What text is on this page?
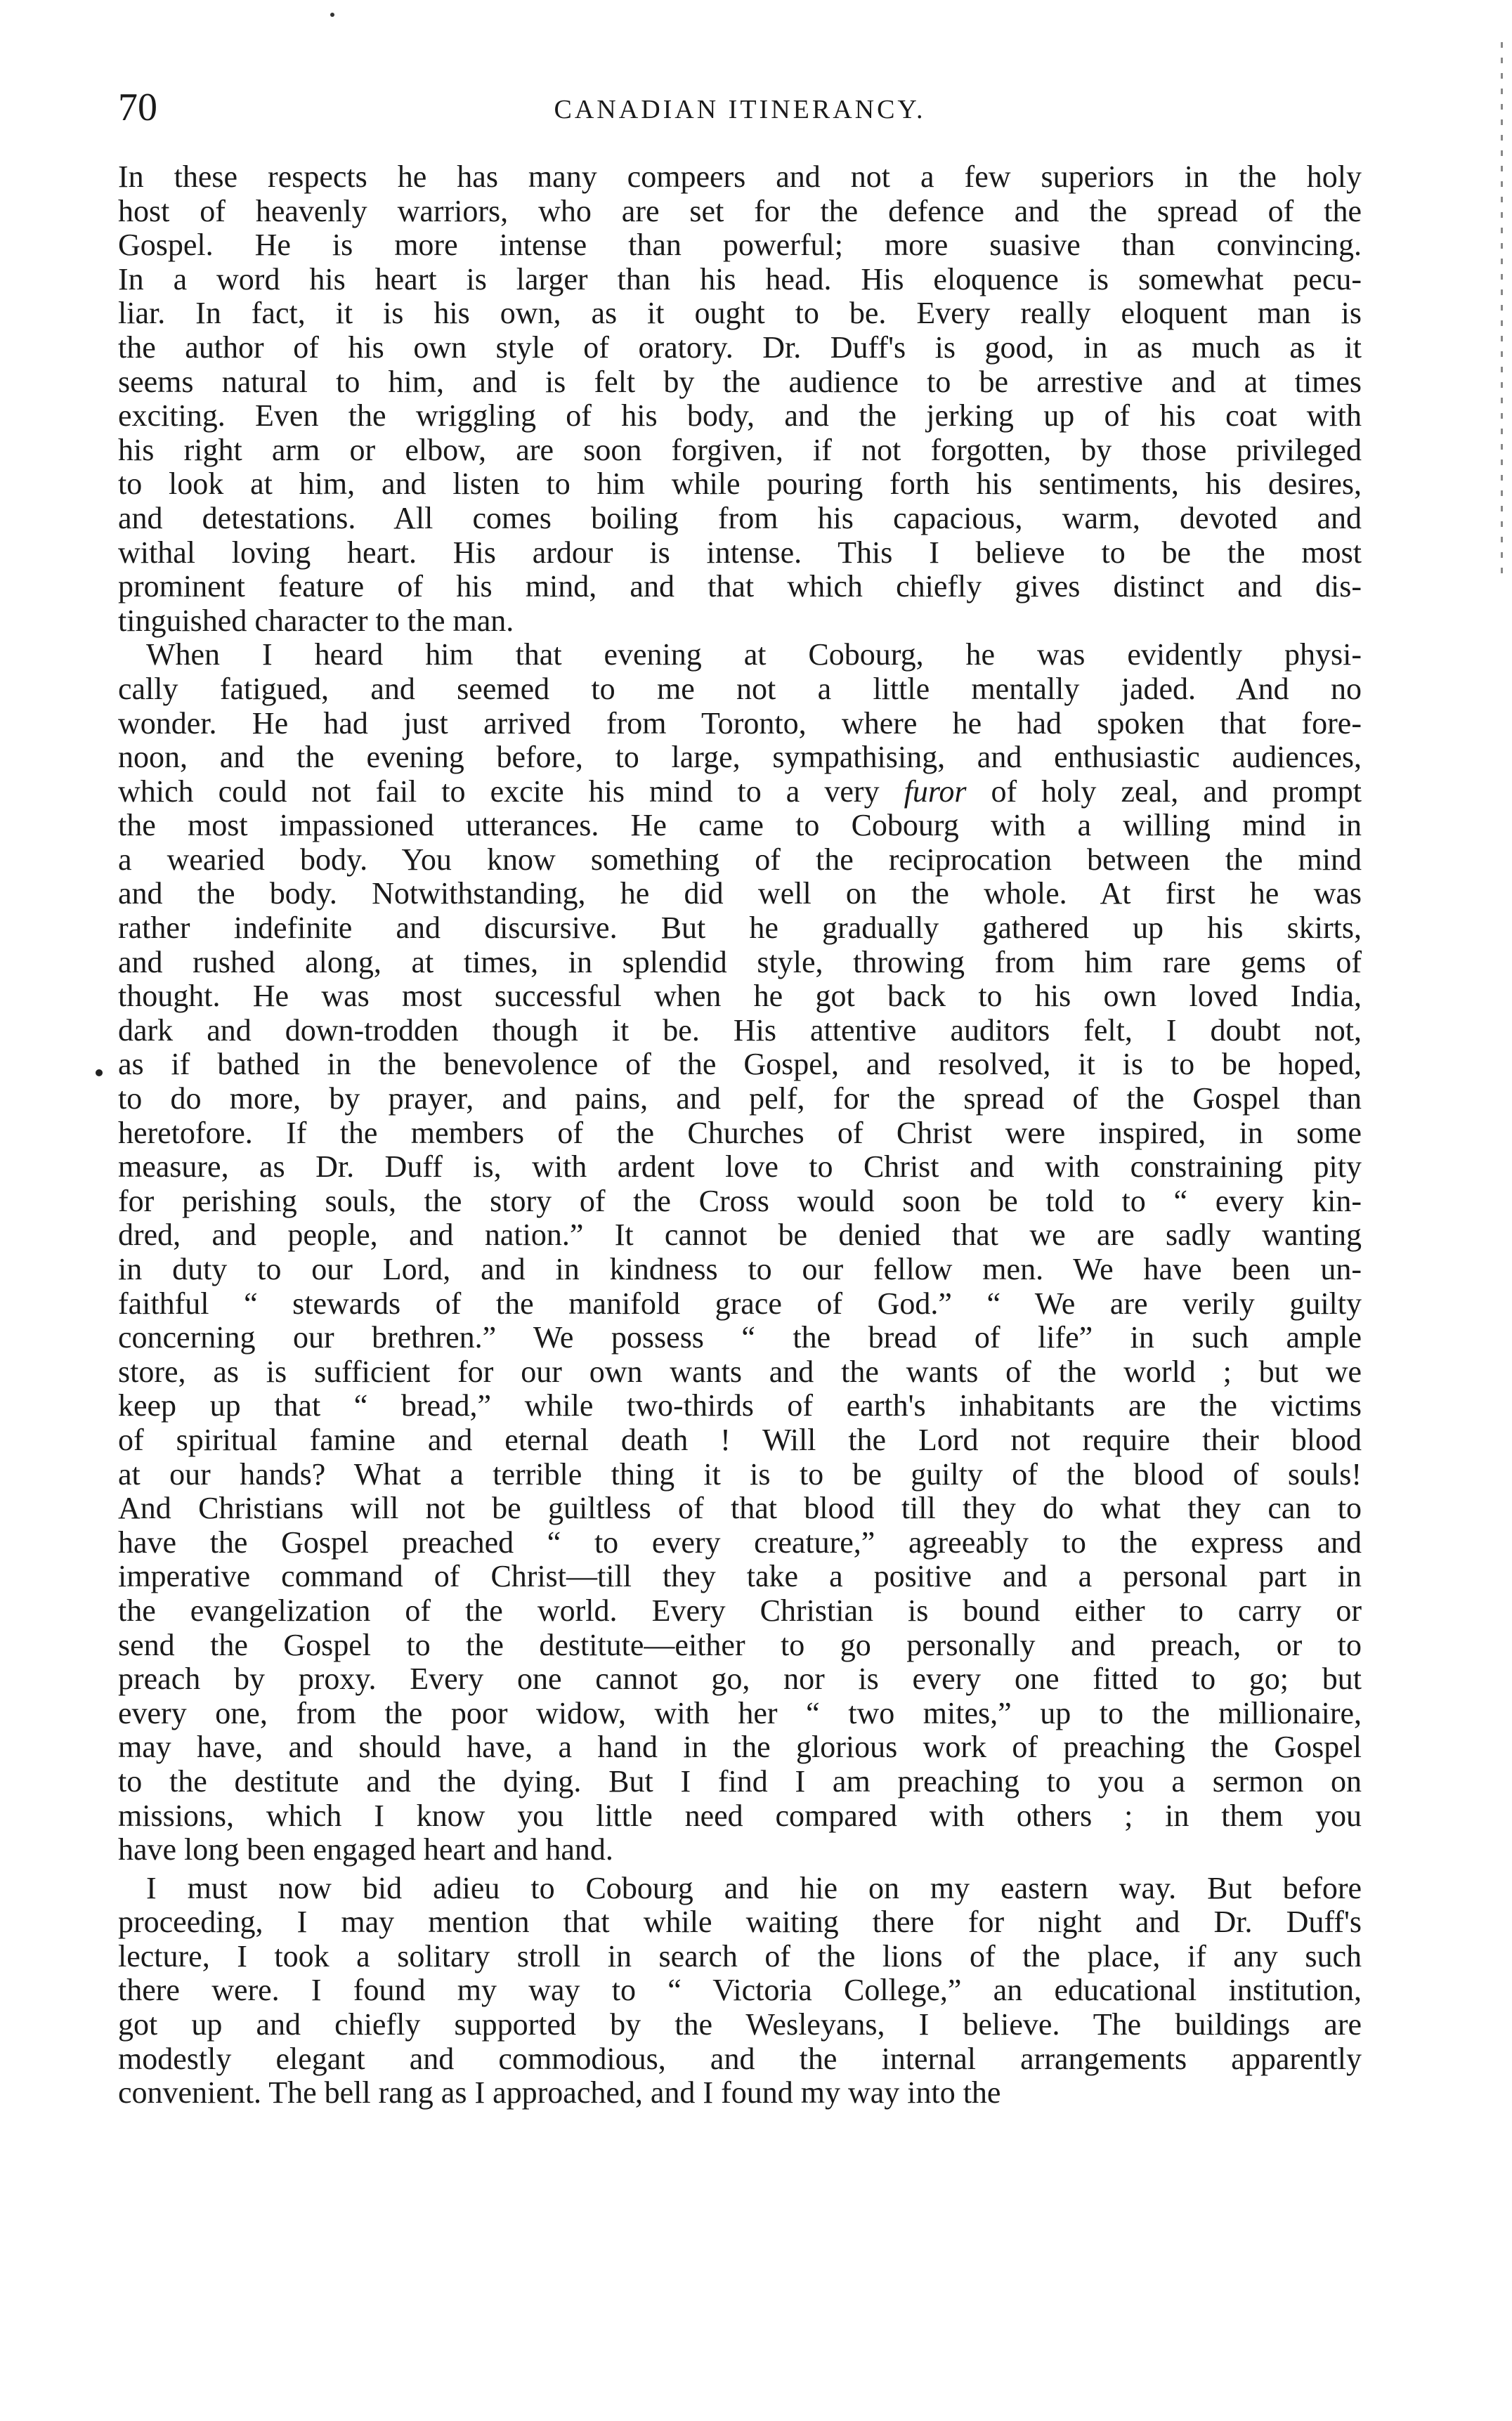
70	CANADIAN ITINERANCY.

In these respects he has many compeers and not a few superiors in the holy

host of heavenly warriors, who are set for the defence and the spread of the

Gospel. He is more intense than powerful; more suasive than convincing.

In a word his heart is larger than his head. His eloquence is somewhat pecu-

liar. In fact, it is his own, as it ought to be. Every really eloquent man is

the author of his own style of oratory. Dr. Duff's is good, in as much as it

seems natural to him, and is felt by the audience to be arrestive and at times

exciting. Even the wriggling of his body, and the jerking up of his coat with

his right arm or elbow, are soon forgiven, if not forgotten, by those privileged

to look at him, and listen to him while pouring forth his sentiments, his desires,

and detestations. All comes boiling from his capacious, warm, devoted and

withal loving heart. His ardour is intense. This I believe to be the most

prominent feature of his mind, and that which chiefly gives distinct and dis-

tinguished character to the man.

When I heard him that evening at Cobourg, he was evidently physi-

cally fatigued, and seemed to me not a little mentally jaded. And no

wonder. He had just arrived from Toronto, where he had spoken that fore-

noon, and the evening before, to large, sympathising, and enthusiastic audiences,

which could not fail to excite his mind to a very furor of holy zeal, and prompt

the most impassioned utterances. He came to Cobourg with a willing mind in

a wearied body. You know something of the reciprocation between the mind

and the body. Notwithstanding, he did well on the whole. At first he was

rather indefinite and discursive. But he gradually gathered up his skirts,

and rushed along, at times, in splendid style, throwing from him rare gems of

thought. He was most successful when he got back to his own loved India,

dark and down-trodden though it be. His attentive auditors felt, I doubt not,

as if bathed in the benevolence of the Gospel, and resolved, it is to be hoped,

to do more, by prayer, and pains, and pelf, for the spread of the Gospel than

heretofore. If the members of the Churches of Christ were inspired, in some

measure, as Dr. Duff is, with ardent love to Christ and with constraining pity

for perishing souls, the story of the Cross would soon be told to “ every kin-

dred, and people, and nation.” It cannot be denied that we are sadly wanting

in duty to our Lord, and in kindness to our fellow men. We have been un-

faithful “ stewards of the manifold grace of God.” “ We are verily guilty

concerning our brethren.” We possess “ the bread of life” in such ample

store, as is sufficient for our own wants and the wants of the world ; but we

keep up that “ bread,” while two-thirds of earth's inhabitants are the victims

of spiritual famine and eternal death ! Will the Lord not require their blood

at our hands? What a terrible thing it is to be guilty of the blood of souls!

And Christians will not be guiltless of that blood till they do what they can to

have the Gospel preached “ to every creature,” agreeably to the express and

imperative command of Christ—till they take a positive and a personal part in

the evangelization of the world. Every Christian is bound either to carry or

send the Gospel to the destitute—either to go personally and preach, or to

preach by proxy. Every one cannot go, nor is every one fitted to go; but

every one, from the poor widow, with her “ two mites,” up to the millionaire,

may have, and should have, a hand in the glorious work of preaching the Gospel

to the destitute and the dying. But I find I am preaching to you a sermon on

missions, which I know you little need compared with others ; in them you

have long been engaged heart and hand.

I must now bid adieu to Cobourg and hie on my eastern way. But before

proceeding, I may mention that while waiting there for night and Dr. Duff's

lecture, I took a solitary stroll in search of the lions of the place, if any such

there were. I found my way to “ Victoria College,” an educational institution,

got up and chiefly supported by the Wesleyans, I believe. The buildings are

modestly elegant and commodious, and the internal arrangements apparently

convenient. The bell rang as I approached, and I found my way into the
